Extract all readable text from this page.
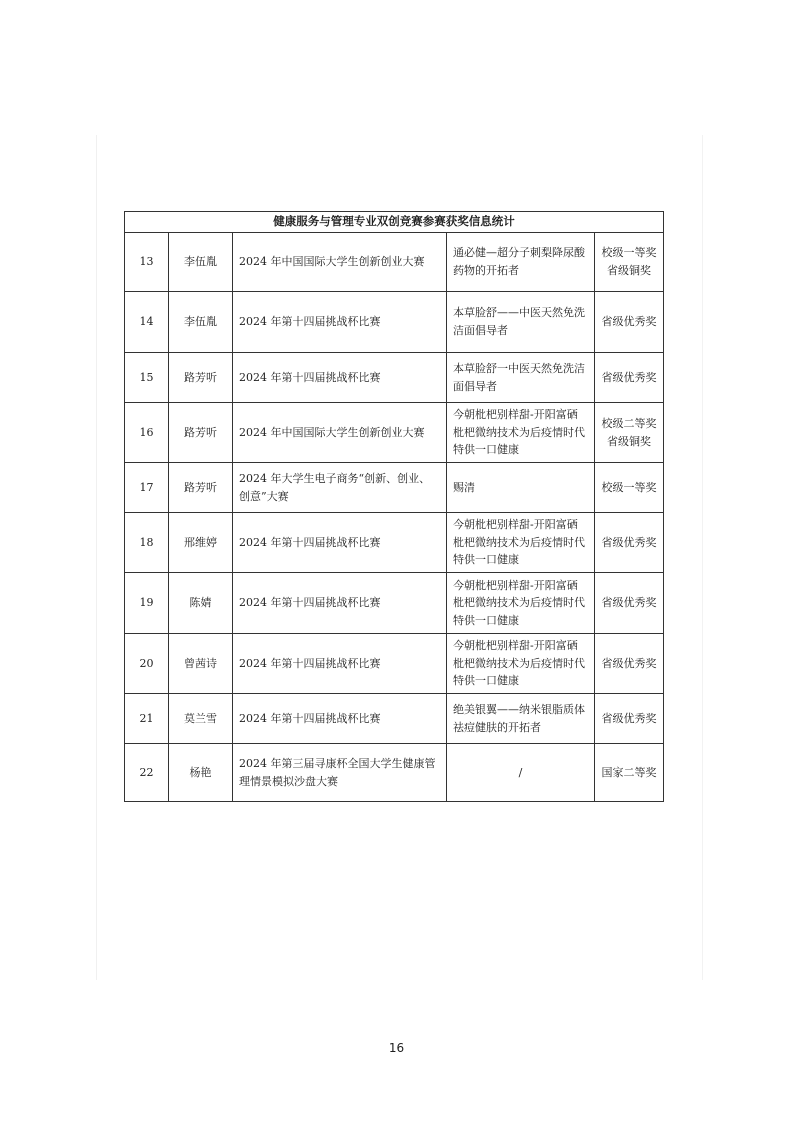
健康服务与管理专业双创竞赛参赛获奖信息统计				
13	李伍胤	2024 年中国国际大学生创新创业大赛	通必健—超分子刺梨降尿酸药物的开拓者	校级一等奖 省级铜奖
14	李伍胤	2024 年第十四届挑战杯比赛	本草脸舒——中医天然免洗洁面倡导者	省级优秀奖
15	路芳听	2024 年第十四届挑战杯比赛	本草脸舒一中医天然免洗洁面倡导者	省级优秀奖
16	路芳听	2024 年中国国际大学生创新创业大赛	今朝枇杷别样甜-开阳富硒枇杷微纳技术为后疫情时代特供一口健康	校级二等奖 省级铜奖
17	路芳听	2024 年大学生电子商务“创新、创业、创意”大赛	赐清	校级一等奖
18	邢维婷	2024 年第十四届挑战杯比赛	今朝枇杷别样甜-开阳富硒枇杷微纳技术为后疫情时代特供一口健康	省级优秀奖
19	陈婧	2024 年第十四届挑战杯比赛	今朝枇杷别样甜-开阳富硒枇杷微纳技术为后疫情时代特供一口健康	省级优秀奖
20	曾茜诗	2024 年第十四届挑战杯比赛	今朝枇杷别样甜-开阳富硒枇杷微纳技术为后疫情时代特供一口健康	省级优秀奖
21	莫兰雪	2024 年第十四届挑战杯比赛	绝美银翼——纳米银脂质体祛痘健肤的开拓者	省级优秀奖
22	杨艳	2024 年第三届寻康杯全国大学生健康管理情景模拟沙盘大赛	/	国家二等奖
16
